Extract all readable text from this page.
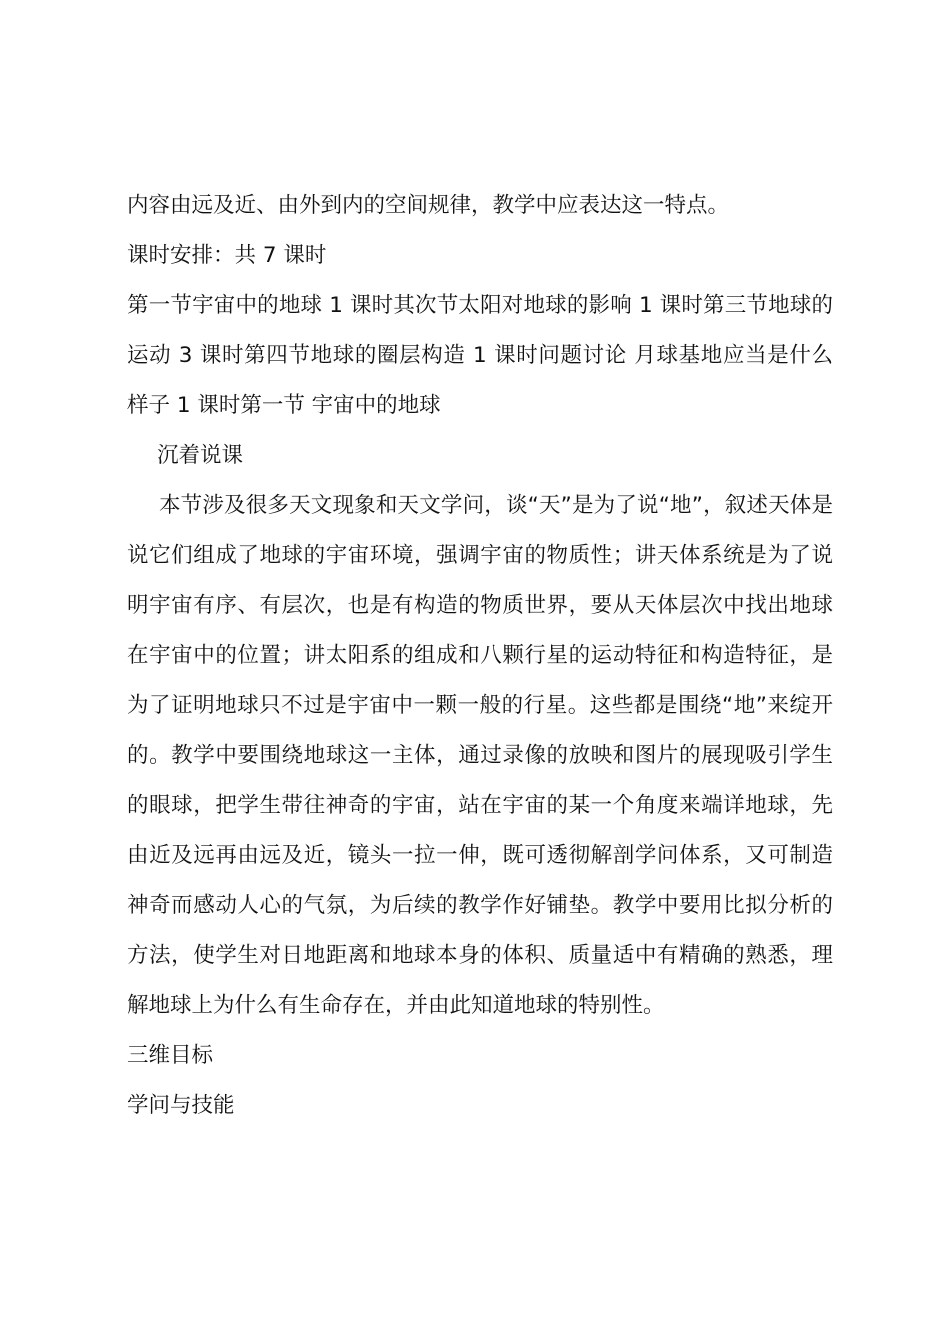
内容由远及近、由外到内的空间规律，教学中应表达这一特点。

课时安排：共 7 课时

第一节宇宙中的地球 1 课时其次节太阳对地球的影响 1 课时第三节地球的运动 3 课时第四节地球的圈层构造 1 课时问题讨论 月球基地应当是什么样子 1 课时第一节 宇宙中的地球

沉着说课

本节涉及很多天文现象和天文学问，谈“天”是为了说“地”，叙述天体是说它们组成了地球的宇宙环境，强调宇宙的物质性；讲天体系统是为了说明宇宙有序、有层次，也是有构造的物质世界，要从天体层次中找出地球在宇宙中的位置；讲太阳系的组成和八颗行星的运动特征和构造特征，是为了证明地球只不过是宇宙中一颗一般的行星。这些都是围绕“地”来绽开的。教学中要围绕地球这一主体，通过录像的放映和图片的展现吸引学生的眼球，把学生带往神奇的宇宙，站在宇宙的某一个角度来端详地球，先由近及远再由远及近，镜头一拉一伸，既可透彻解剖学问体系，又可制造神奇而感动人心的气氛，为后续的教学作好铺垫。教学中要用比拟分析的方法，使学生对日地距离和地球本身的体积、质量适中有精确的熟悉，理解地球上为什么有生命存在，并由此知道地球的特别性。

三维目标

学问与技能
